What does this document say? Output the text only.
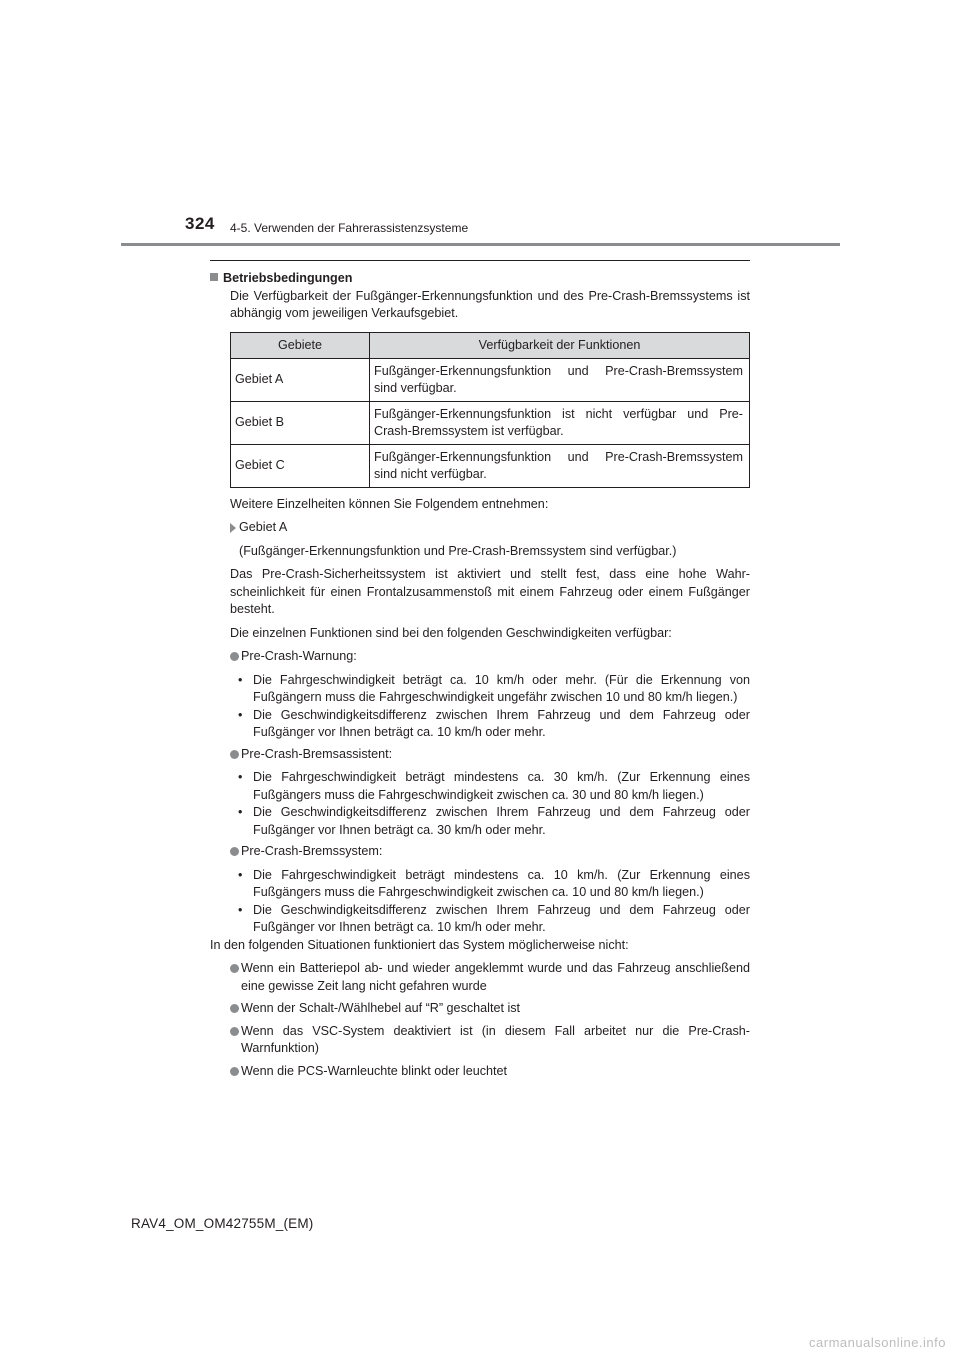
324 4-5. Verwenden der Fahrerassistenzsysteme

Betriebsbedingungen

Die Verfügbarkeit der Fußgänger-Erkennungsfunktion und des Pre-Crash-Bremssystems ist abhängig vom jeweiligen Verkaufsgebiet.

Gebiete	Verfügbarkeit der Funktionen
Gebiet A	Fußgänger-Erkennungsfunktion und Pre-Crash-Bremssystem sind verfügbar.
Gebiet B	Fußgänger-Erkennungsfunktion ist nicht verfügbar und Pre-Crash-Bremssystem ist verfügbar.
Gebiet C	Fußgänger-Erkennungsfunktion und Pre-Crash-Bremssystem sind nicht verfügbar.

Weitere Einzelheiten können Sie Folgendem entnehmen:

Gebiet A

(Fußgänger-Erkennungsfunktion und Pre-Crash-Bremssystem sind verfügbar.)

Das Pre-Crash-Sicherheitssystem ist aktiviert und stellt fest, dass eine hohe Wahrscheinlichkeit für einen Frontalzusammenstoß mit einem Fahrzeug oder einem Fußgänger besteht.

Die einzelnen Funktionen sind bei den folgenden Geschwindigkeiten verfügbar:

Pre-Crash-Warnung:

• Die Fahrgeschwindigkeit beträgt ca. 10 km/h oder mehr. (Für die Erkennung von Fußgängern muss die Fahrgeschwindigkeit ungefähr zwischen 10 und 80 km/h liegen.)

• Die Geschwindigkeitsdifferenz zwischen Ihrem Fahrzeug und dem Fahrzeug oder Fußgänger vor Ihnen beträgt ca. 10 km/h oder mehr.

Pre-Crash-Bremsassistent:

• Die Fahrgeschwindigkeit beträgt mindestens ca. 30 km/h. (Zur Erkennung eines Fußgängers muss die Fahrgeschwindigkeit zwischen ca. 30 und 80 km/h liegen.)

• Die Geschwindigkeitsdifferenz zwischen Ihrem Fahrzeug und dem Fahrzeug oder Fußgänger vor Ihnen beträgt ca. 30 km/h oder mehr.

Pre-Crash-Bremssystem:

• Die Fahrgeschwindigkeit beträgt mindestens ca. 10 km/h. (Zur Erkennung eines Fußgängers muss die Fahrgeschwindigkeit zwischen ca. 10 und 80 km/h liegen.)

• Die Geschwindigkeitsdifferenz zwischen Ihrem Fahrzeug und dem Fahrzeug oder Fußgänger vor Ihnen beträgt ca. 10 km/h oder mehr.

In den folgenden Situationen funktioniert das System möglicherweise nicht:

Wenn ein Batteriepol ab- und wieder angeklemmt wurde und das Fahrzeug anschließend eine gewisse Zeit lang nicht gefahren wurde

Wenn der Schalt-/Wählhebel auf “R” geschaltet ist

Wenn das VSC-System deaktiviert ist (in diesem Fall arbeitet nur die Pre-Crash-Warnfunktion)

Wenn die PCS-Warnleuchte blinkt oder leuchtet

RAV4_OM_OM42755M_(EM)
carmanualsonline.info
